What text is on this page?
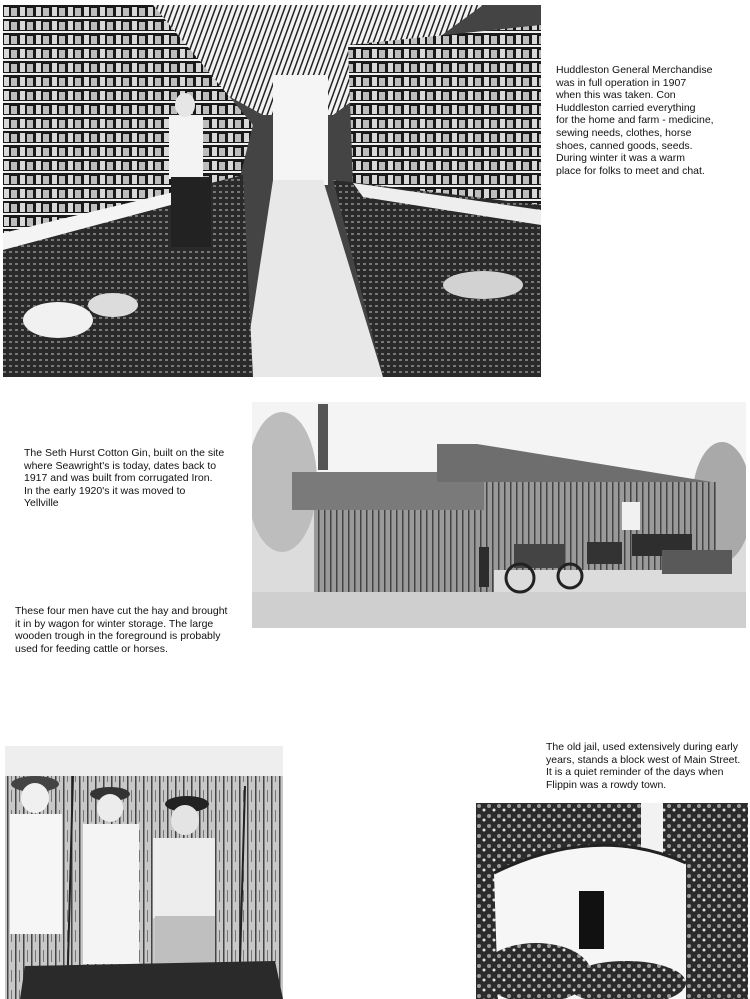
Huddleston General Merchandise
was in full operation in 1907
when this was taken. Con
Huddleston carried everything
for the home and farm - medicine,
sewing needs, clothes, horse
shoes, canned goods, seeds.
During winter it was a warm
place for folks to meet and chat.
The Seth Hurst Cotton Gin, built on the site
where Seawright's is today, dates back to
1917 and was built from corrugated Iron.
In the early 1920's it was moved to
Yellville
These four men have cut the hay and brought
it in by wagon for winter storage. The large
wooden trough in the foreground is probably
used for feeding cattle or horses.
The old jail, used extensively during early
years, stands a block west of Main Street.
It is a quiet reminder of the days when
Flippin was a rowdy town.
